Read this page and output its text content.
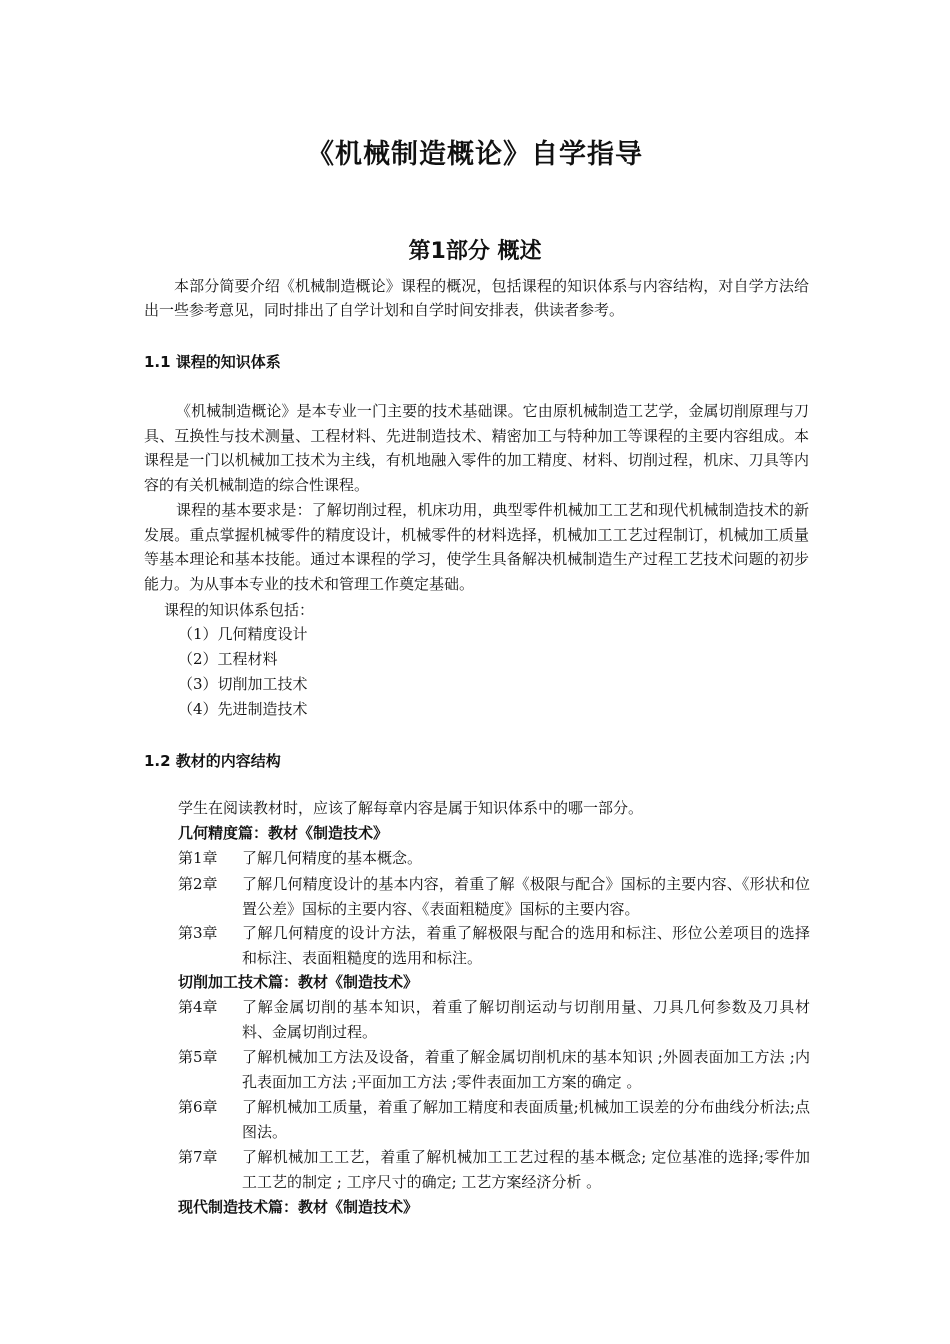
《机械制造概论》自学指导
第1部分 概述
本部分简要介绍《机械制造概论》课程的概况，包括课程的知识体系与内容结构，对自学方法给出一些参考意见，同时排出了自学计划和自学时间安排表，供读者参考。
1.1 课程的知识体系
《机械制造概论》是本专业一门主要的技术基础课。它由原机械制造工艺学，金属切削原理与刀具、互换性与技术测量、工程材料、先进制造技术、精密加工与特种加工等课程的主要内容组成。本课程是一门以机械加工技术为主线，有机地融入零件的加工精度、材料、切削过程，机床、刀具等内容的有关机械制造的综合性课程。
课程的基本要求是：了解切削过程，机床功用，典型零件机械加工工艺和现代机械制造技术的新发展。重点掌握机械零件的精度设计，机械零件的材料选择，机械加工工艺过程制订，机械加工质量等基本理论和基本技能。通过本课程的学习，使学生具备解决机械制造生产过程工艺技术问题的初步能力。为从事本专业的技术和管理工作奠定基础。
课程的知识体系包括：
（1）几何精度设计
（2）工程材料
（3）切削加工技术
（4）先进制造技术
1.2 教材的内容结构
学生在阅读教材时，应该了解每章内容是属于知识体系中的哪一部分。
几何精度篇：教材《制造技术》
第1章	了解几何精度的基本概念。
第2章	了解几何精度设计的基本内容，着重了解《极限与配合》国标的主要内容、《形状和位置公差》国标的主要内容、《表面粗糙度》国标的主要内容。
第3章	了解几何精度的设计方法，着重了解极限与配合的选用和标注、形位公差项目的选择和标注、表面粗糙度的选用和标注。
切削加工技术篇：教材《制造技术》
第4章	了解金属切削的基本知识，着重了解切削运动与切削用量、刀具几何参数及刀具材料、金属切削过程。
第5章	了解机械加工方法及设备，着重了解金属切削机床的基本知识 ;外圆表面加工方法 ;内孔表面加工方法 ;平面加工方法 ;零件表面加工方案的确定 。
第6章	了解机械加工质量，着重了解加工精度和表面质量;机械加工误差的分布曲线分析法;点图法。
第7章	了解机械加工工艺，着重了解机械加工工艺过程的基本概念; 定位基准的选择;零件加工工艺的制定 ; 工序尺寸的确定; 工艺方案经济分析 。
现代制造技术篇：教材《制造技术》
